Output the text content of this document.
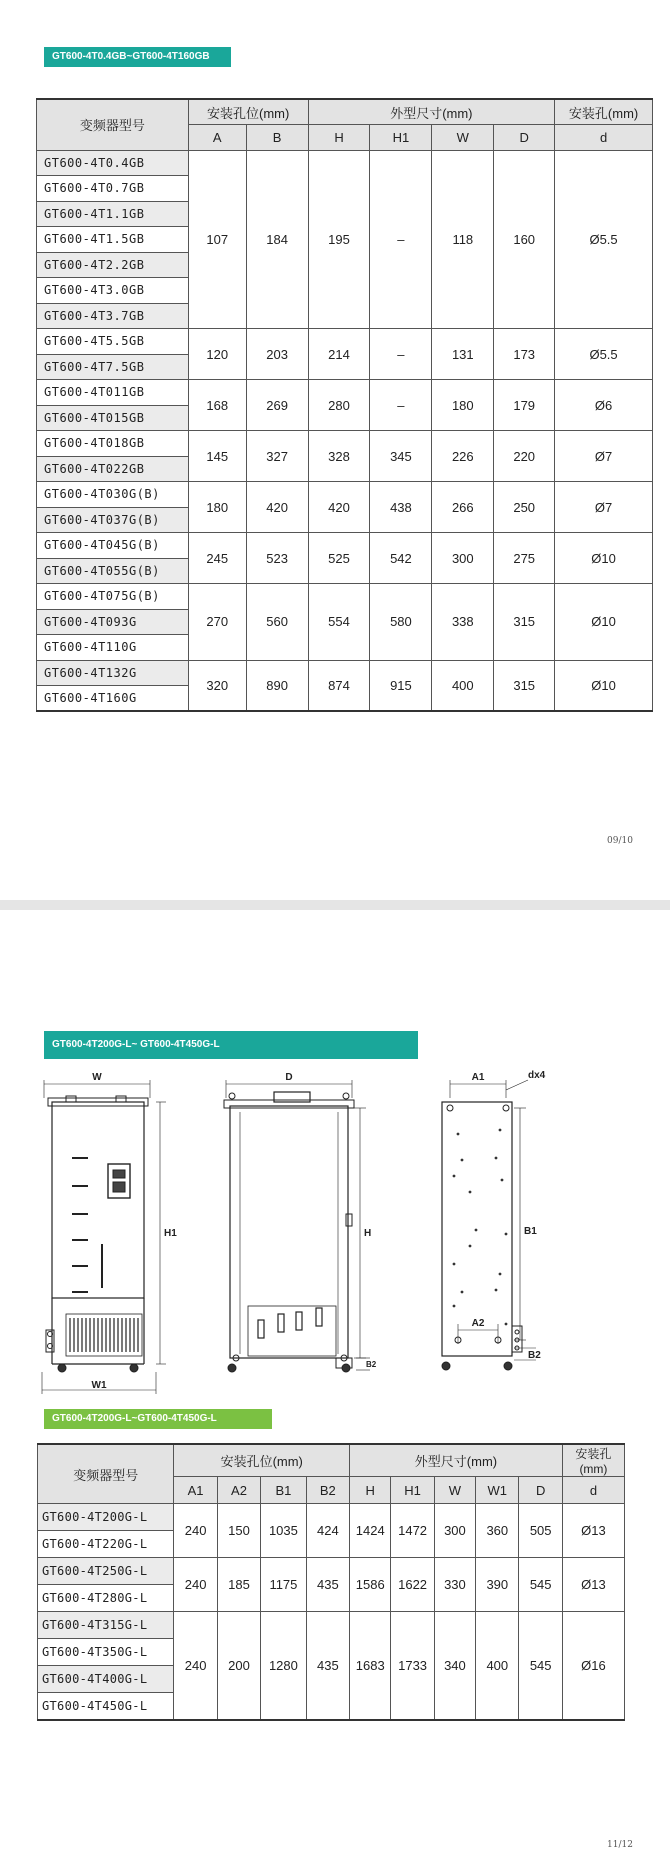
GT600-4T0.4GB~GT600-4T160GB
变频器型号	安装孔位(mm)		外型尺寸(mm)				安装孔(mm)
	A	B	H	H1	W	D	d
GT600-4T0.4GB	107	184	195	–	118	160	Ø5.5
GT600-4T0.7GB							
GT600-4T1.1GB							
GT600-4T1.5GB							
GT600-4T2.2GB							
GT600-4T3.0GB							
GT600-4T3.7GB							
GT600-4T5.5GB	120	203	214	–	131	173	Ø5.5
GT600-4T7.5GB							
GT600-4T011GB	168	269	280	–	180	179	Ø6
GT600-4T015GB							
GT600-4T018GB	145	327	328	345	226	220	Ø7
GT600-4T022GB							
GT600-4T030G(B)	180	420	420	438	266	250	Ø7
GT600-4T037G(B)							
GT600-4T045G(B)	245	523	525	542	300	275	Ø10
GT600-4T055G(B)							
GT600-4T075G(B)	270	560	554	580	338	315	Ø10
GT600-4T093G							
GT600-4T110G							
GT600-4T132G	320	890	874	915	400	315	Ø10
GT600-4T160G							
09/10
GT600-4T200G-L~ GT600-4T450G-L
W
W1
H1
D
H
B2
A1	dx4
B1
A2
B2
GT600-4T200G-L~GT600-4T450G-L
变频器型号	安装孔位(mm)				外型尺寸(mm)					安装孔(mm)
	A1	A2	B1	B2	H	H1	W	W1	D	d
GT600-4T200G-L	240	150	1035	424	1424	1472	300	360	505	Ø13
GT600-4T220G-L										
GT600-4T250G-L	240	185	1175	435	1586	1622	330	390	545	Ø13
GT600-4T280G-L										
GT600-4T315G-L	240	200	1280	435	1683	1733	340	400	545	Ø16
GT600-4T350G-L										
GT600-4T400G-L										
GT600-4T450G-L										
11/12
